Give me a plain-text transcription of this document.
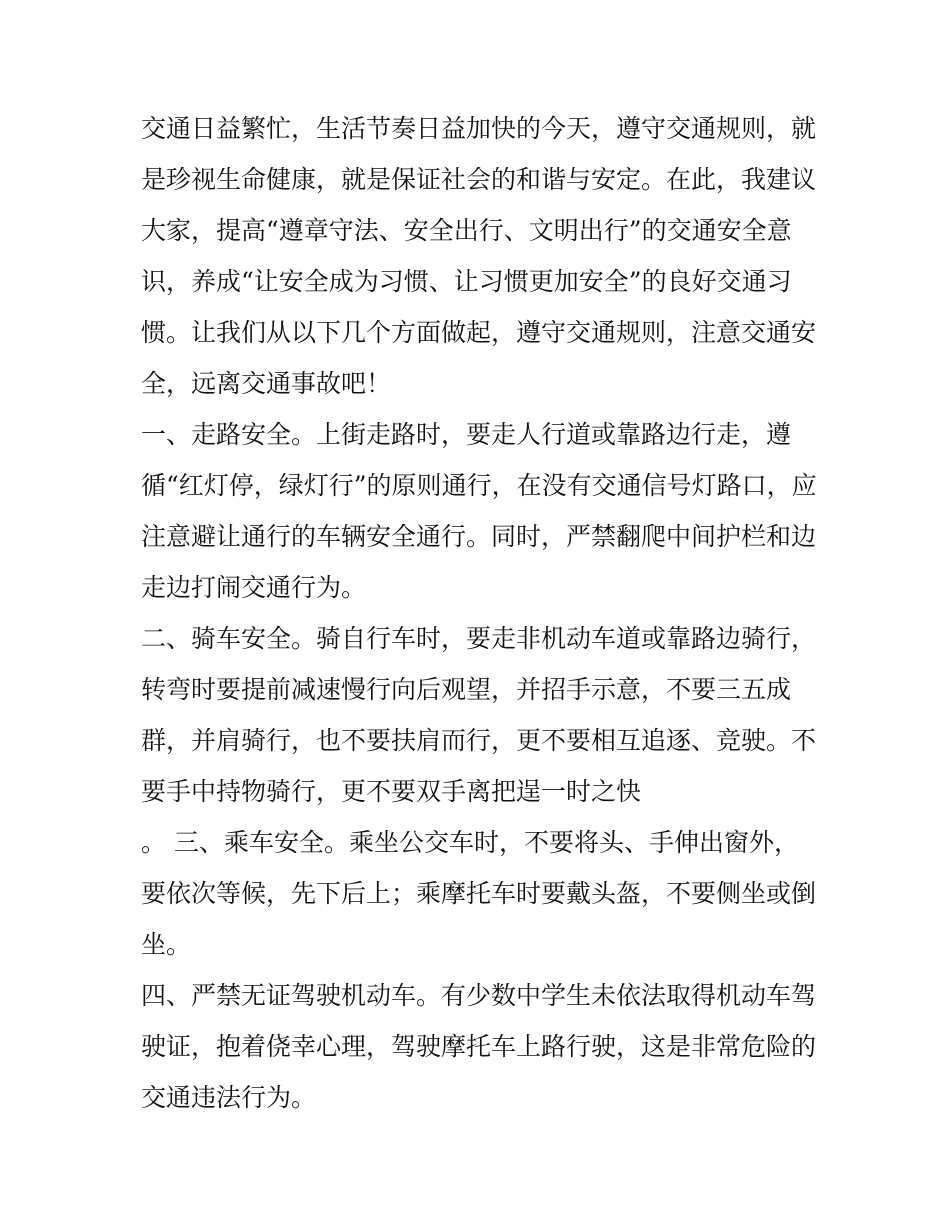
交通日益繁忙，生活节奏日益加快的今天，遵守交通规则，就

是珍视生命健康，就是保证社会的和谐与安定。在此，我建议

大家，提高“遵章守法、安全出行、文明出行”的交通安全意

识，养成“让安全成为习惯、让习惯更加安全”的良好交通习

惯。让我们从以下几个方面做起，遵守交通规则，注意交通安

全，远离交通事故吧！

一、走路安全。上街走路时，要走人行道或靠路边行走，遵

循“红灯停，绿灯行”的原则通行，在没有交通信号灯路口，应

注意避让通行的车辆安全通行。同时，严禁翻爬中间护栏和边

走边打闹交通行为。

二、骑车安全。骑自行车时，要走非机动车道或靠路边骑行，

转弯时要提前减速慢行向后观望，并招手示意，不要三五成

群，并肩骑行，也不要扶肩而行，更不要相互追逐、竞驶。不

要手中持物骑行，更不要双手离把逞一时之快

。 三、乘车安全。乘坐公交车时，不要将头、手伸出窗外，

要依次等候，先下后上；乘摩托车时要戴头盔，不要侧坐或倒

坐。

四、严禁无证驾驶机动车。有少数中学生未依法取得机动车驾

驶证，抱着侥幸心理，驾驶摩托车上路行驶，这是非常危险的

交通违法行为。
